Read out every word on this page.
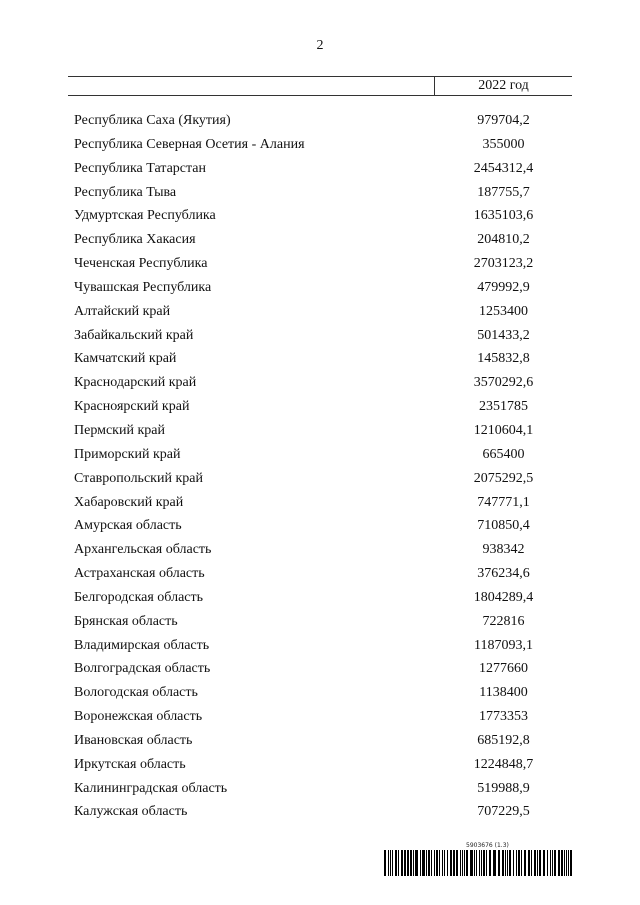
2
2022 год
Республика Саха (Якутия)	979704,2
Республика Северная Осетия - Алания	355000
Республика Татарстан	2454312,4
Республика Тыва	187755,7
Удмуртская Республика	1635103,6
Республика Хакасия	204810,2
Чеченская Республика	2703123,2
Чувашская Республика	479992,9
Алтайский край	1253400
Забайкальский край	501433,2
Камчатский край	145832,8
Краснодарский край	3570292,6
Красноярский край	2351785
Пермский край	1210604,1
Приморский край	665400
Ставропольский край	2075292,5
Хабаровский край	747771,1
Амурская область	710850,4
Архангельская область	938342
Астраханская область	376234,6
Белгородская область	1804289,4
Брянская область	722816
Владимирская область	1187093,1
Волгоградская область	1277660
Вологодская область	1138400
Воронежская область	1773353
Ивановская область	685192,8
Иркутская область	1224848,7
Калининградская область	519988,9
Калужская область	707229,5
5903676 (1.3)
